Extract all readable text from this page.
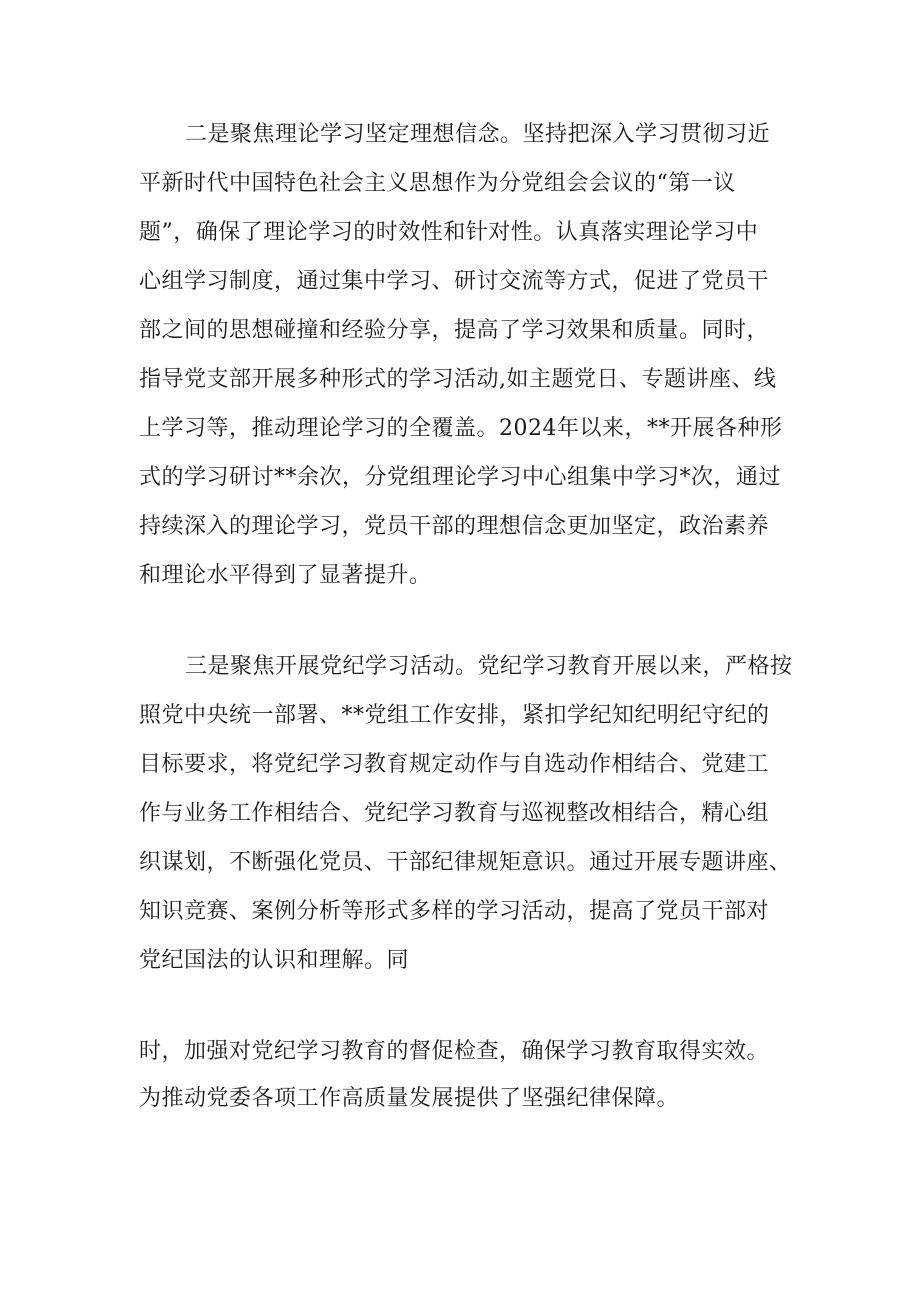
二是聚焦理论学习坚定理想信念。坚持把深入学习贯彻习近
平新时代中国特色社会主义思想作为分党组会会议的“第一议
题”，确保了理论学习的时效性和针对性。认真落实理论学习中
心组学习制度，通过集中学习、研讨交流等方式，促进了党员干
部之间的思想碰撞和经验分享，提高了学习效果和质量。同时，
指导党支部开展多种形式的学习活动,如主题党日、专题讲座、线
上学习等，推动理论学习的全覆盖。2024年以来，**开展各种形
式的学习研讨**余次，分党组理论学习中心组集中学习*次，通过
持续深入的理论学习，党员干部的理想信念更加坚定，政治素养
和理论水平得到了显著提升。
三是聚焦开展党纪学习活动。党纪学习教育开展以来，严格按
照党中央统一部署、**党组工作安排，紧扣学纪知纪明纪守纪的
目标要求，将党纪学习教育规定动作与自选动作相结合、党建工
作与业务工作相结合、党纪学习教育与巡视整改相结合，精心组
织谋划，不断强化党员、干部纪律规矩意识。通过开展专题讲座、
知识竞赛、案例分析等形式多样的学习活动，提高了党员干部对
党纪国法的认识和理解。同
时，加强对党纪学习教育的督促检查，确保学习教育取得实效。
为推动党委各项工作高质量发展提供了坚强纪律保障。
